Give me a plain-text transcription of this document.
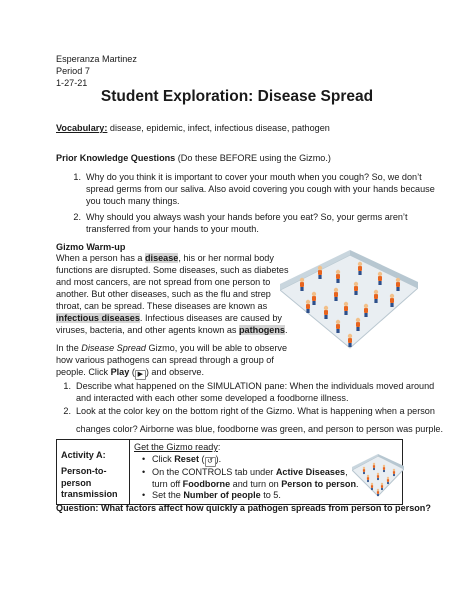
Esperanza Martinez
Period 7
1-27-21
Student Exploration: Disease Spread
Vocabulary: disease, epidemic, infect, infectious disease, pathogen
Prior Knowledge Questions (Do these BEFORE using the Gizmo.)
1. Why do you think it is important to cover your mouth when you cough? So, we don’t
spread germs from our saliva. Also avoid covering you cough with your hands because
you touch many things.
2. Why should you always wash your hands before you eat? So, your germs aren’t
transferred from your hands to your mouth.
Gizmo Warm-up
When a person has a disease, his or her normal body
functions are disrupted. Some diseases, such as diabetes
and most cancers, are not spread from one person to
another. But other diseases, such as the flu and strep
throat, can be spread. These diseases are known as
infectious diseases. Infectious diseases are caused by
viruses, bacteria, and other agents known as pathogens.
In the Disease Spread Gizmo, you will be able to observe
how various pathogens can spread through a group of
people. Click Play ( ▶ ) and observe.
1. Describe what happened on the SIMULATION pane: When the individuals moved around
and interacted with each other some developed a foodborne illness.
2. Look at the color key on the bottom right of the Gizmo. What is happening when a person
changes color? Airborne was blue, foodborne was green, and person to person was purple.
Activity A:
Person-to-person
transmission

Get the Gizmo ready:
• Click Reset ( ↺ ).
• On the CONTROLS tab under Active Diseases,
turn off Foodborne and turn on Person to person.
• Set the Number of people to 5.
Question: What factors affect how quickly a pathogen spreads from person to person?
